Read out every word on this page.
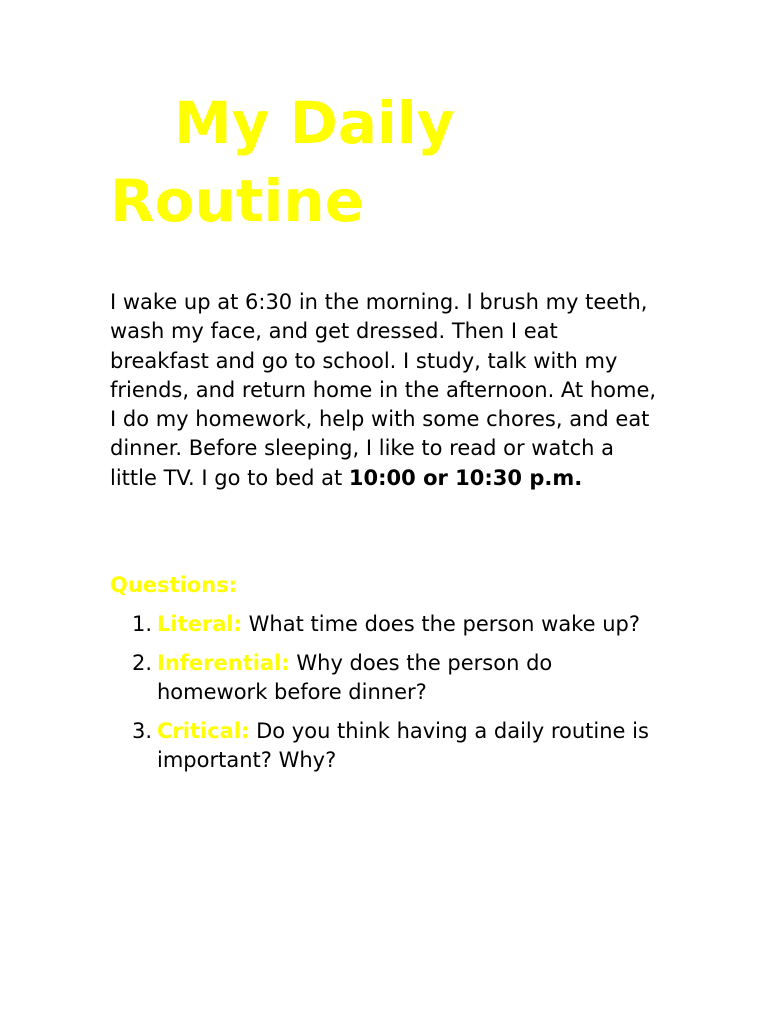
My Daily Routine

I wake up at 6:30 in the morning. I brush my teeth, wash my face, and get dressed. Then I eat breakfast and go to school. I study, talk with my friends, and return home in the afternoon. At home, I do my homework, help with some chores, and eat dinner. Before sleeping, I like to read or watch a little TV. I go to bed at 10:00 or 10:30 p.m.

Questions:

1. Literal: What time does the person wake up?
2. Inferential: Why does the person do homework before dinner?
3. Critical: Do you think having a daily routine is important? Why?
